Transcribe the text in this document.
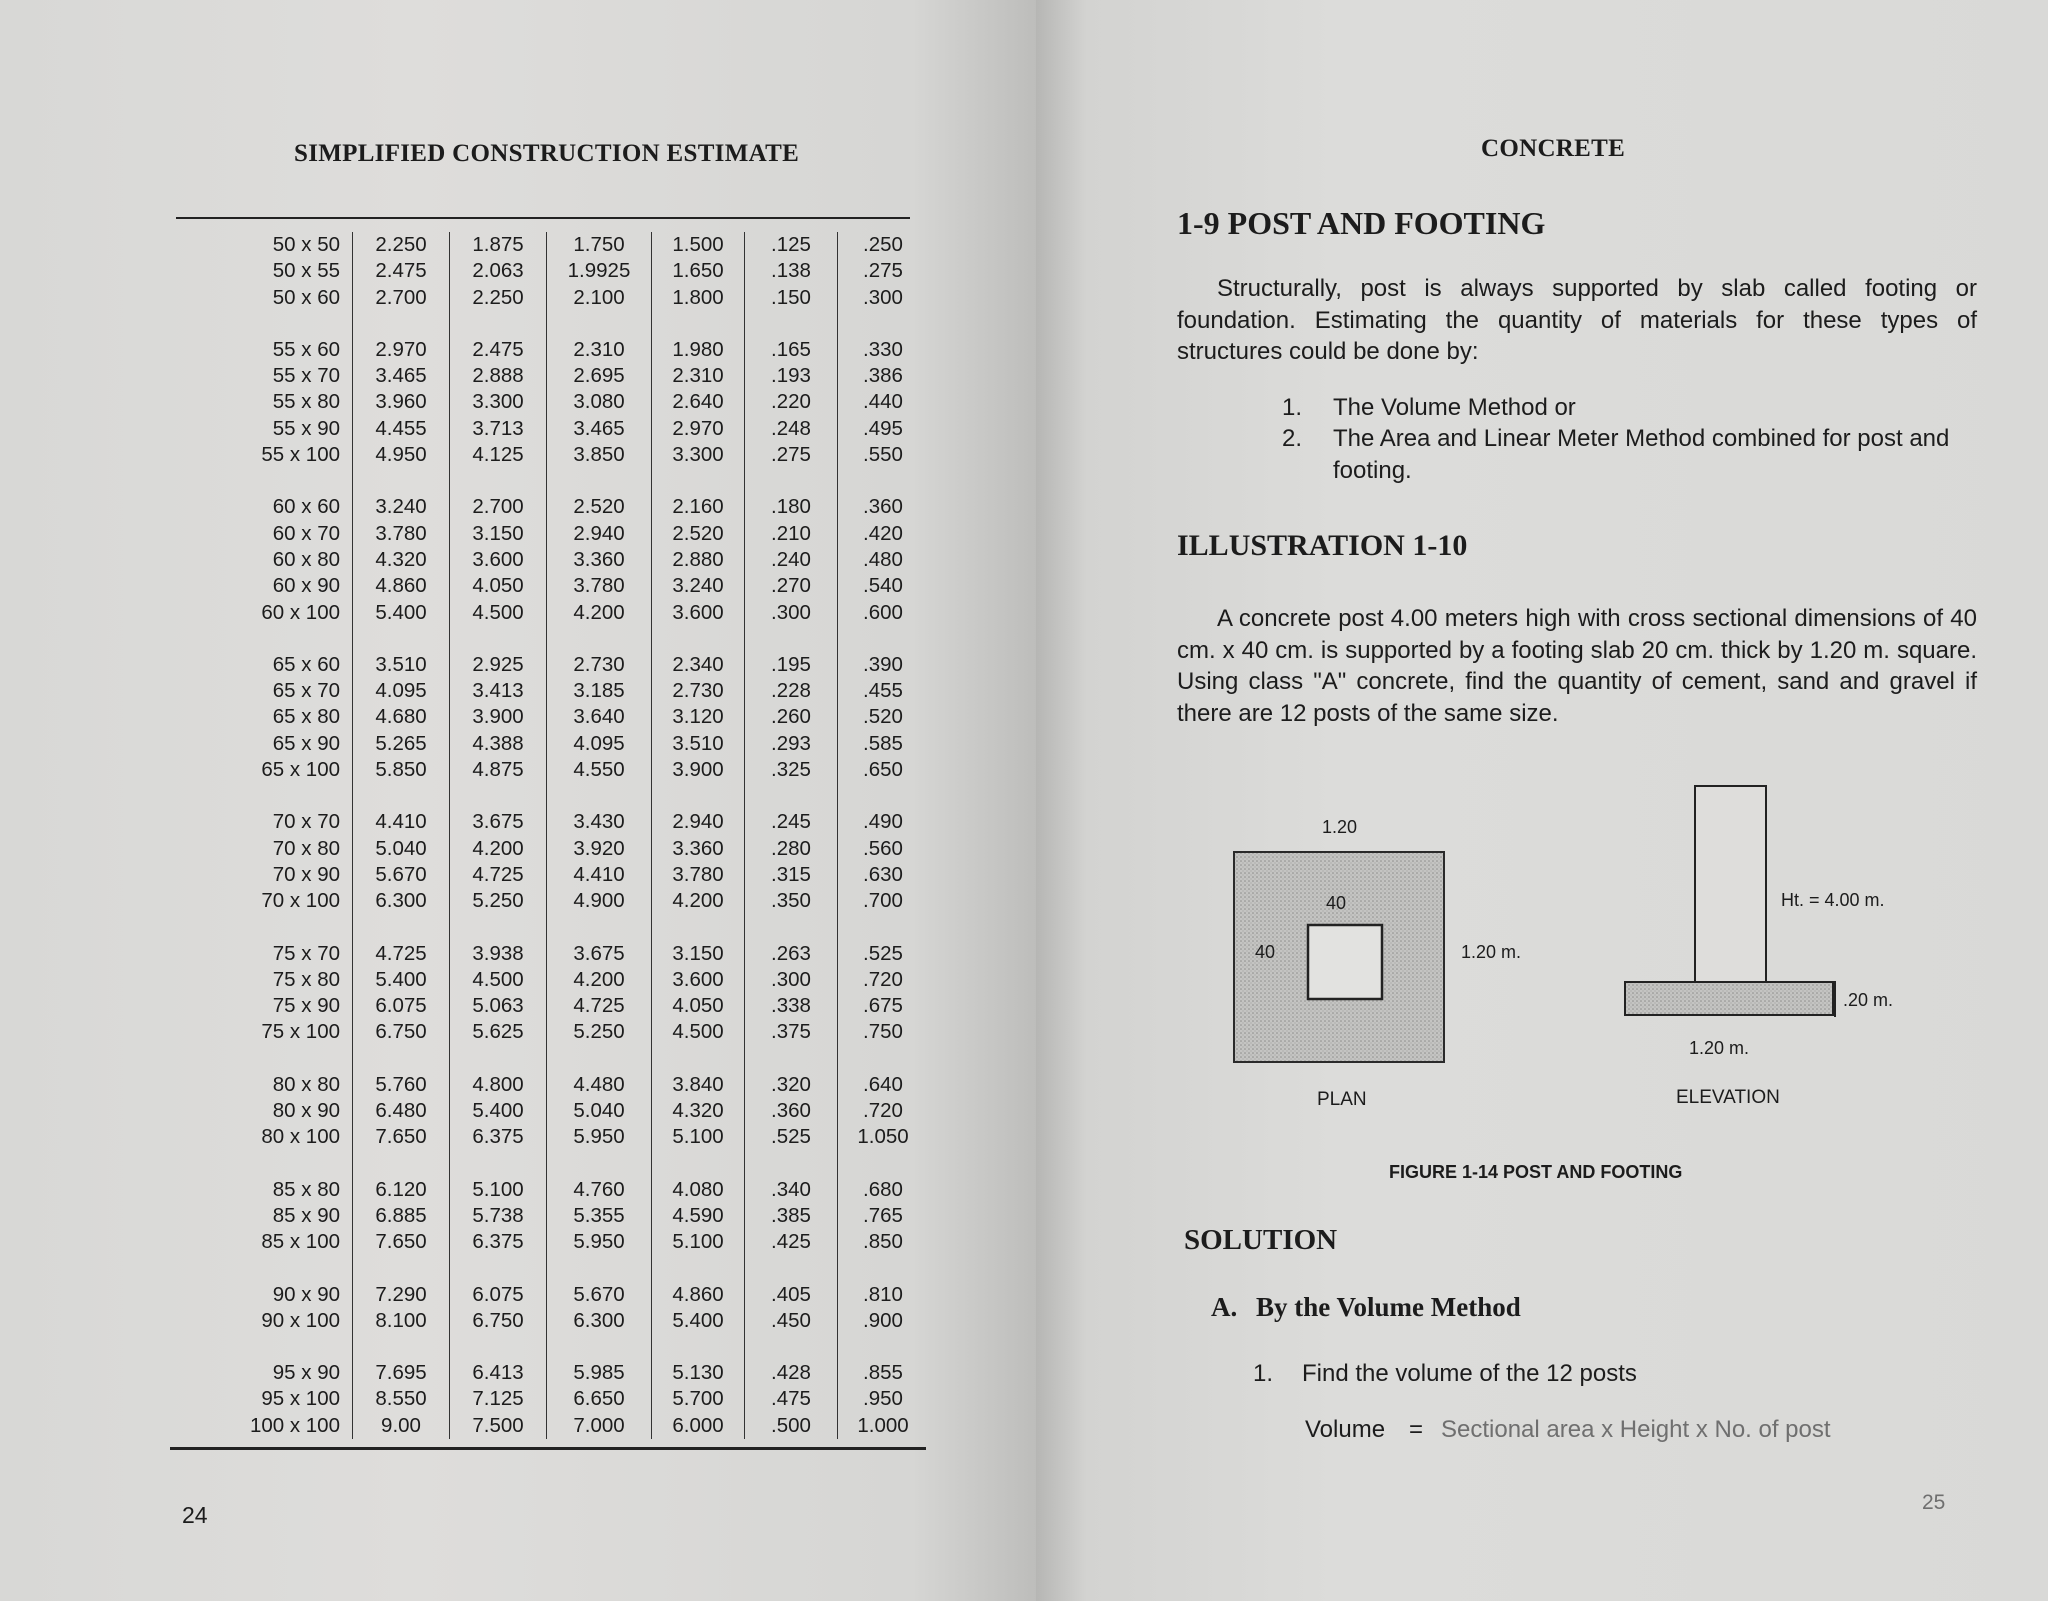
SIMPLIFIED CONSTRUCTION ESTIMATE
50 x 50	2.250	1.875	1.750	1.500	.125	.250
50 x 55	2.475	2.063	1.9925	1.650	.138	.275
50 x 60	2.700	2.250	2.100	1.800	.150	.300

55 x 60	2.970	2.475	2.310	1.980	.165	.330
55 x 70	3.465	2.888	2.695	2.310	.193	.386
55 x 80	3.960	3.300	3.080	2.640	.220	.440
55 x 90	4.455	3.713	3.465	2.970	.248	.495
55 x 100	4.950	4.125	3.850	3.300	.275	.550

60 x 60	3.240	2.700	2.520	2.160	.180	.360
60 x 70	3.780	3.150	2.940	2.520	.210	.420
60 x 80	4.320	3.600	3.360	2.880	.240	.480
60 x 90	4.860	4.050	3.780	3.240	.270	.540
60 x 100	5.400	4.500	4.200	3.600	.300	.600

65 x 60	3.510	2.925	2.730	2.340	.195	.390
65 x 70	4.095	3.413	3.185	2.730	.228	.455
65 x 80	4.680	3.900	3.640	3.120	.260	.520
65 x 90	5.265	4.388	4.095	3.510	.293	.585
65 x 100	5.850	4.875	4.550	3.900	.325	.650

70 x 70	4.410	3.675	3.430	2.940	.245	.490
70 x 80	5.040	4.200	3.920	3.360	.280	.560
70 x 90	5.670	4.725	4.410	3.780	.315	.630
70 x 100	6.300	5.250	4.900	4.200	.350	.700

75 x 70	4.725	3.938	3.675	3.150	.263	.525
75 x 80	5.400	4.500	4.200	3.600	.300	.720
75 x 90	6.075	5.063	4.725	4.050	.338	.675
75 x 100	6.750	5.625	5.250	4.500	.375	.750

80 x 80	5.760	4.800	4.480	3.840	.320	.640
80 x 90	6.480	5.400	5.040	4.320	.360	.720
80 x 100	7.650	6.375	5.950	5.100	.525	1.050

85 x 80	6.120	5.100	4.760	4.080	.340	.680
85 x 90	6.885	5.738	5.355	4.590	.385	.765
85 x 100	7.650	6.375	5.950	5.100	.425	.850

90 x 90	7.290	6.075	5.670	4.860	.405	.810
90 x 100	8.100	6.750	6.300	5.400	.450	.900

95 x 90	7.695	6.413	5.985	5.130	.428	.855
95 x 100	8.550	7.125	6.650	5.700	.475	.950
100 x 100	9.00	7.500	7.000	6.000	.500	1.000
24
CONCRETE
1-9 POST AND FOOTING
Structurally, post is always supported by slab called footing or foundation. Estimating the quantity of materials for these types of structures could be done by:
1. The Volume Method or
2. The Area and Linear Meter Method combined for post and footing.
ILLUSTRATION 1-10
A concrete post 4.00 meters high with cross sectional dimensions of 40 cm. x 40 cm. is supported by a footing slab 20 cm. thick by 1.20 m. square. Using class "A" concrete, find the quantity of cement, sand and gravel if there are 12 posts of the same size.
1.20
40
40	1.20 m.
PLAN
Ht. = 4.00 m.
.20 m.
1.20 m.
ELEVATION
FIGURE 1-14 POST AND FOOTING
SOLUTION
A. By the Volume Method
1. Find the volume of the 12 posts
Volume = Sectional area x Height x No. of post
25
